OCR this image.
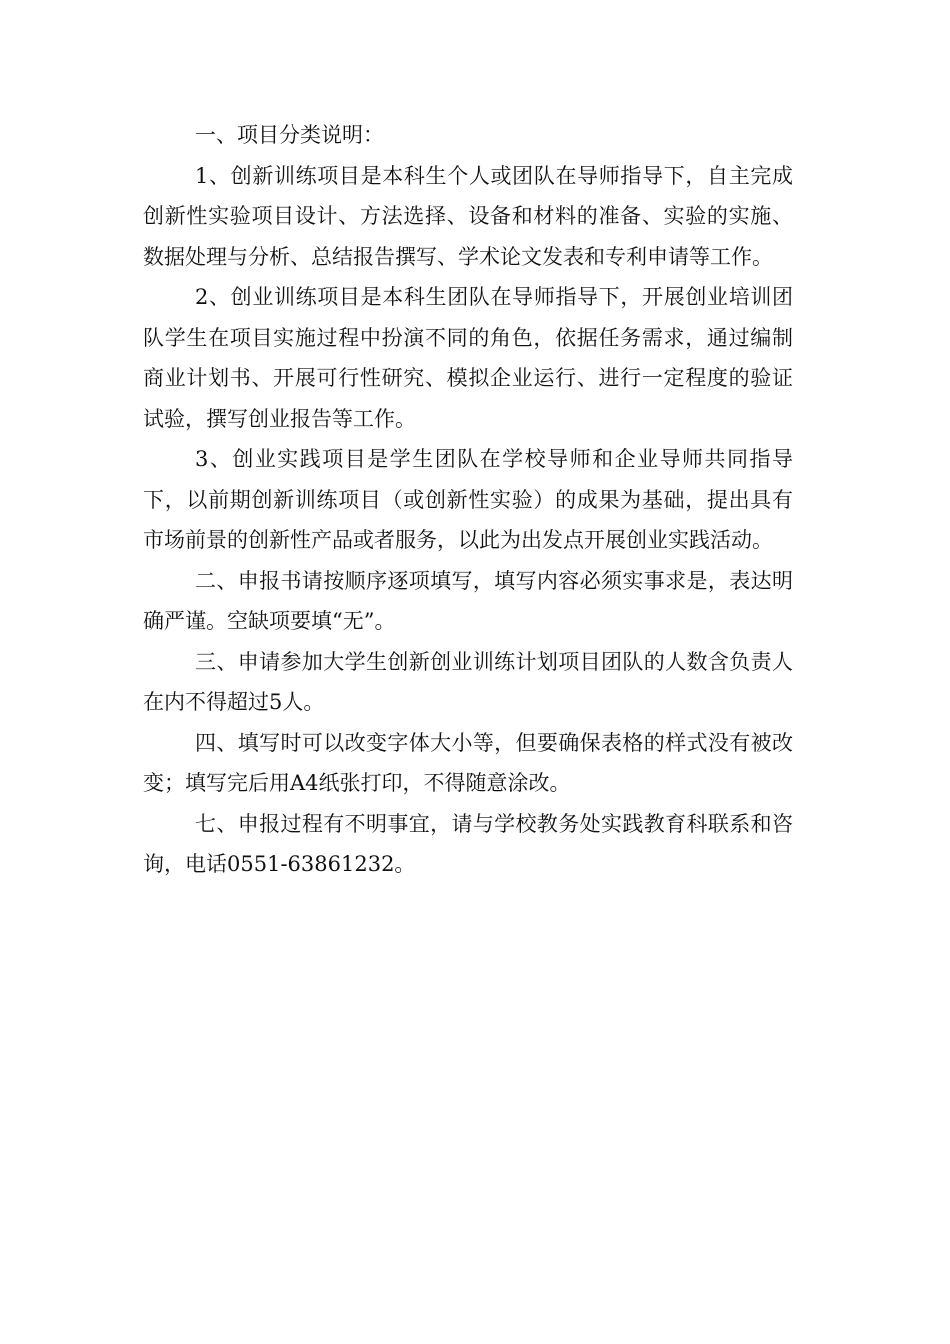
一、项目分类说明：

1、创新训练项目是本科生个人或团队在导师指导下，自主完成创新性实验项目设计、方法选择、设备和材料的准备、实验的实施、数据处理与分析、总结报告撰写、学术论文发表和专利申请等工作。

2、创业训练项目是本科生团队在导师指导下，开展创业培训团队学生在项目实施过程中扮演不同的角色，依据任务需求，通过编制商业计划书、开展可行性研究、模拟企业运行、进行一定程度的验证试验，撰写创业报告等工作。

3、创业实践项目是学生团队在学校导师和企业导师共同指导下，以前期创新训练项目（或创新性实验）的成果为基础，提出具有市场前景的创新性产品或者服务，以此为出发点开展创业实践活动。

二、申报书请按顺序逐项填写，填写内容必须实事求是，表达明确严谨。空缺项要填“无”。

三、申请参加大学生创新创业训练计划项目团队的人数含负责人在内不得超过5人。

四、填写时可以改变字体大小等，但要确保表格的样式没有被改变；填写完后用A4纸张打印，不得随意涂改。

七、申报过程有不明事宜，请与学校教务处实践教育科联系和咨询，电话0551-63861232。
